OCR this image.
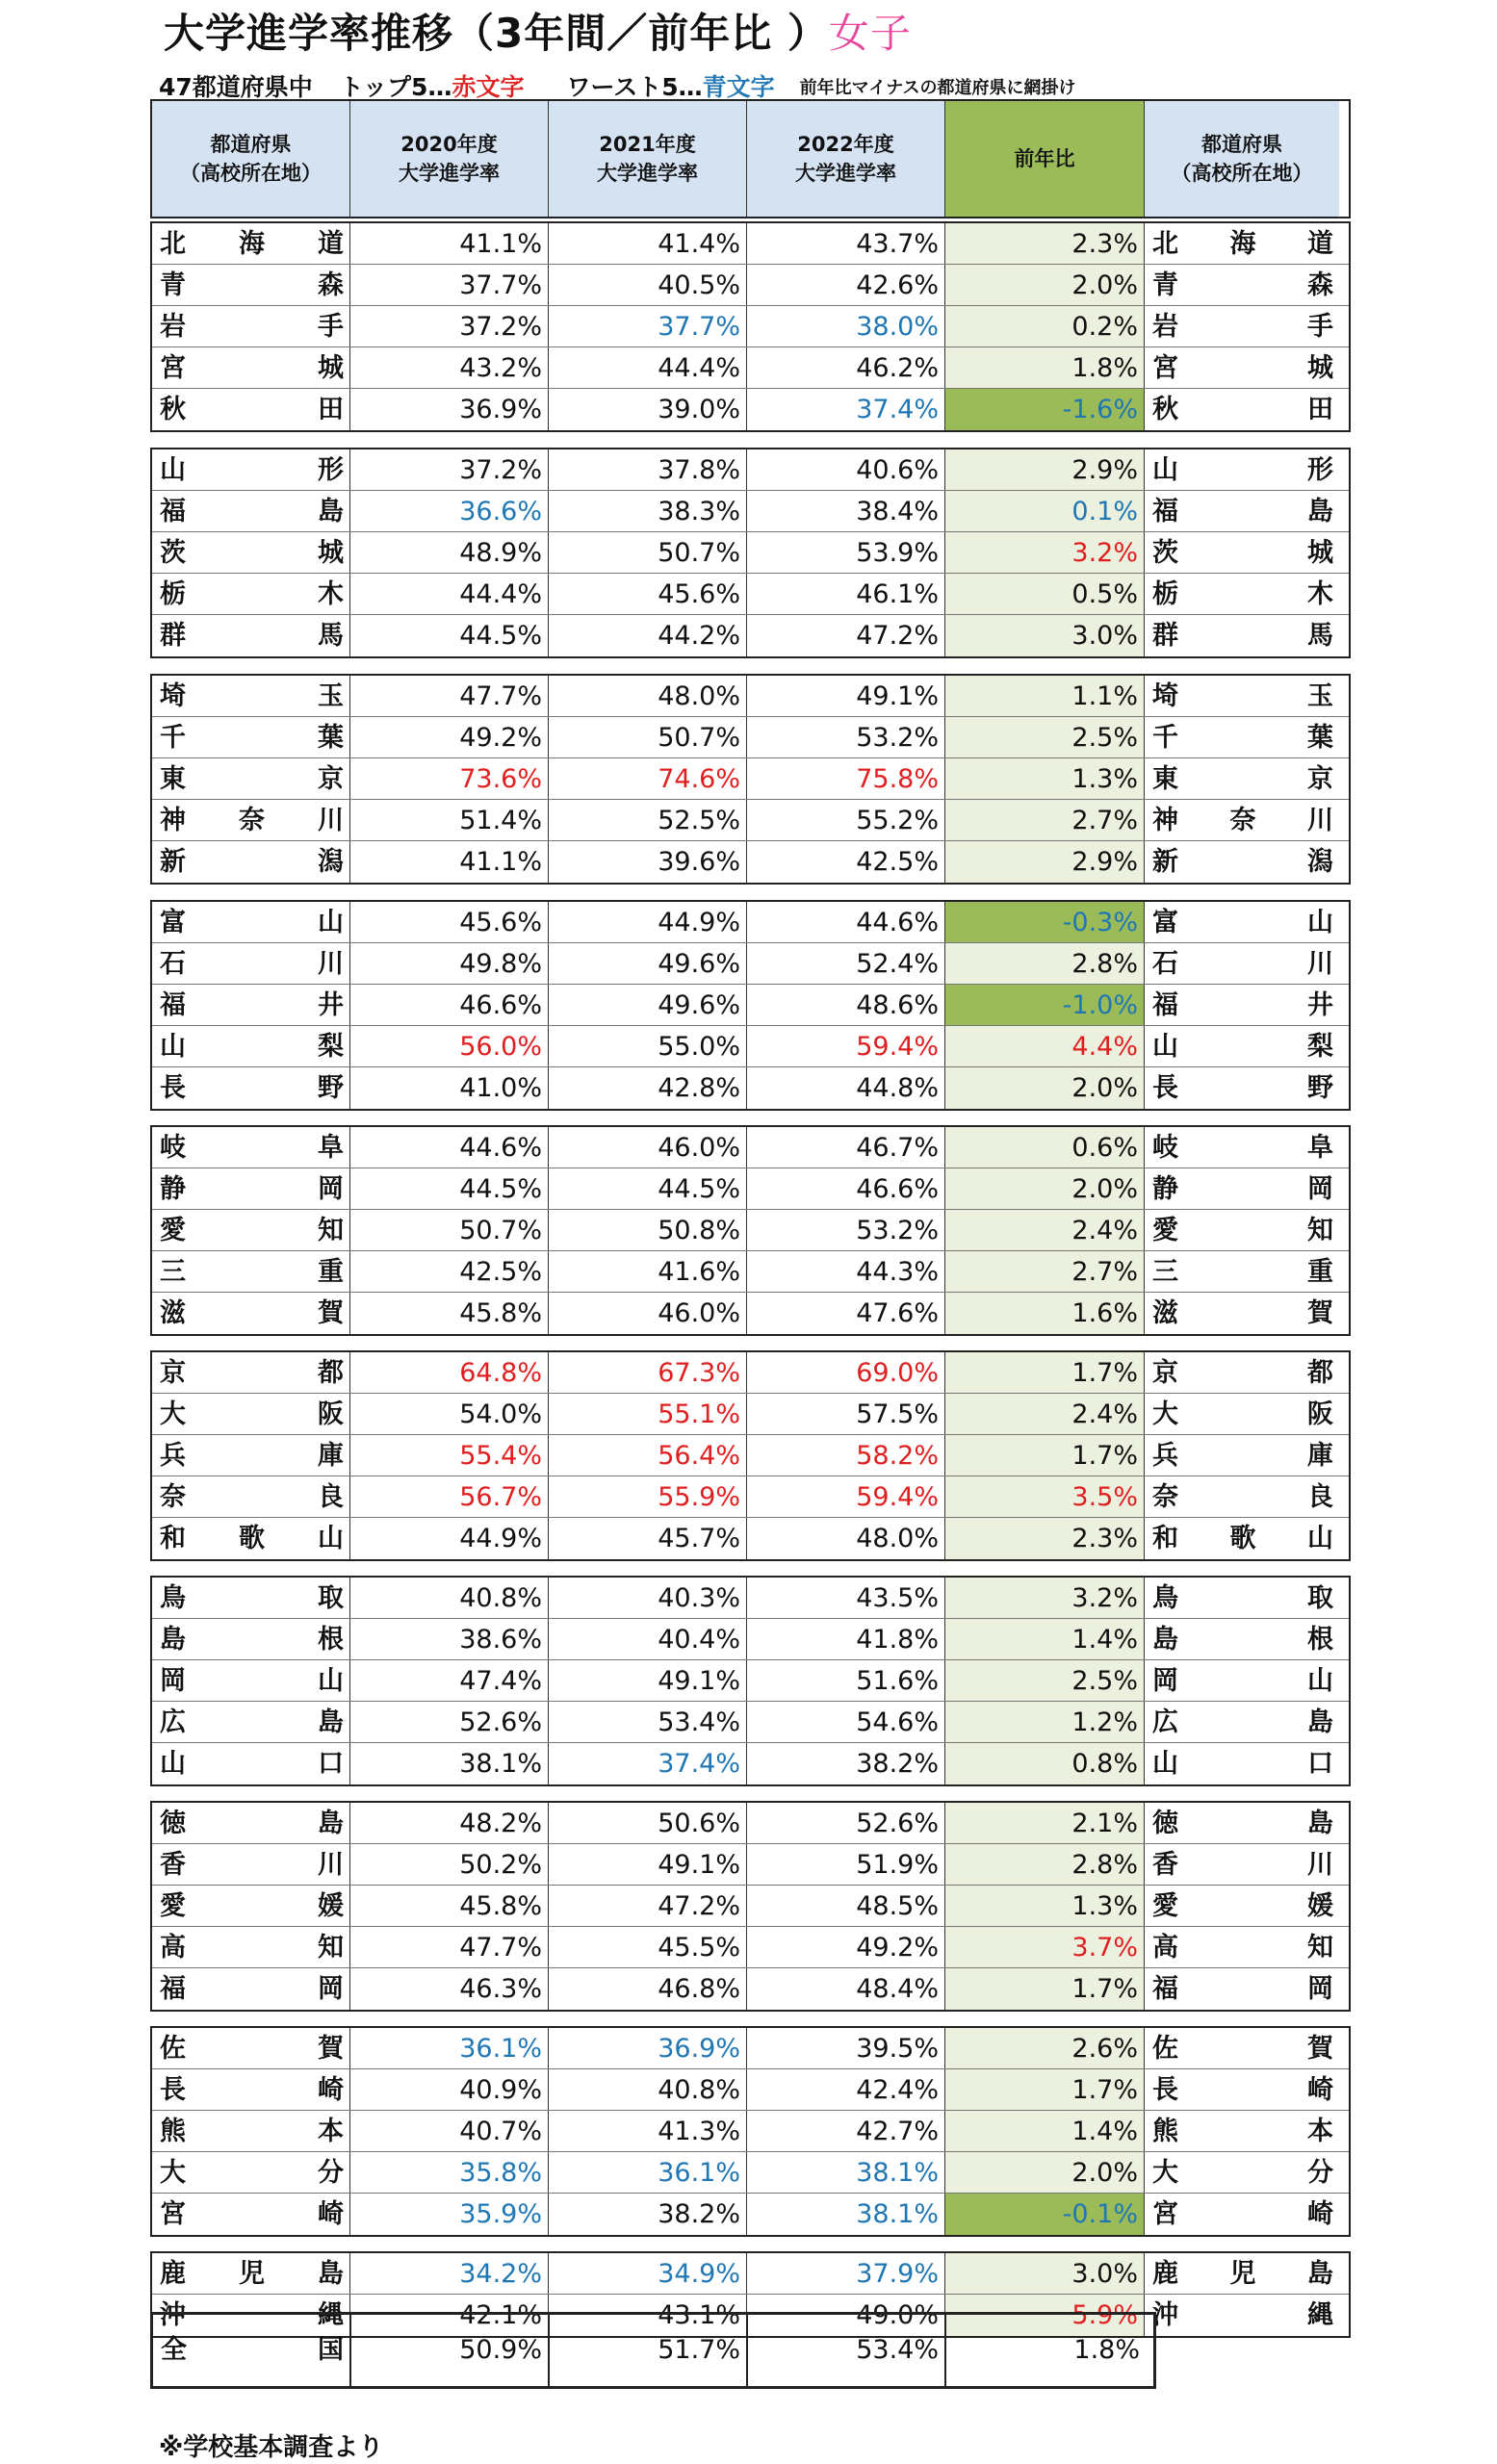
大学進学率推移（3年間／前年比 ）女子
47都道府県中 トップ5…赤文字 ワースト5…青文字 前年比マイナスの都道府県に網掛け
都道府県
（高校所在地）
2020年度
大学進学率
2021年度
大学進学率
2022年度
大学進学率
前年比
都道府県
（高校所在地）
北 海 道	41.1%	41.4%	43.7%	2.3% 北 海 道
青	森	37.7%	40.5%	42.6%	2.0% 青	森
岩	手	37.2%	37.7%	38.0%	0.2% 岩	手
宮	城	43.2%	44.4%	46.2%	1.8% 宮	城
秋	田	36.9%	39.0%	37.4%	-1.6% 秋	田
山	形	37.2%	37.8%	40.6%	2.9% 山	形
福	島	36.6%	38.3%	38.4%	0.1% 福	島
茨	城	48.9%	50.7%	53.9%	3.2% 茨	城
栃	木	44.4%	45.6%	46.1%	0.5% 栃	木
群	馬	44.5%	44.2%	47.2%	3.0% 群	馬
埼	玉	47.7%	48.0%	49.1%	1.1% 埼	玉
千	葉	49.2%	50.7%	53.2%	2.5% 千	葉
東	京	73.6%	74.6%	75.8%	1.3% 東	京
神 奈 川	51.4%	52.5%	55.2%	2.7% 神 奈 川
新	潟	41.1%	39.6%	42.5%	2.9% 新	潟
富	山	45.6%	44.9%	44.6%	-0.3% 富	山
石	川	49.8%	49.6%	52.4%	2.8% 石	川
福	井	46.6%	49.6%	48.6%	-1.0% 福	井
山	梨	56.0%	55.0%	59.4%	4.4% 山	梨
長	野	41.0%	42.8%	44.8%	2.0% 長	野
岐	阜	44.6%	46.0%	46.7%	0.6% 岐	阜
静	岡	44.5%	44.5%	46.6%	2.0% 静	岡
愛	知	50.7%	50.8%	53.2%	2.4% 愛	知
三	重	42.5%	41.6%	44.3%	2.7% 三	重
滋	賀	45.8%	46.0%	47.6%	1.6% 滋	賀
京	都	64.8%	67.3%	69.0%	1.7% 京	都
大	阪	54.0%	55.1%	57.5%	2.4% 大	阪
兵	庫	55.4%	56.4%	58.2%	1.7% 兵	庫
奈	良	56.7%	55.9%	59.4%	3.5% 奈	良
和 歌 山	44.9%	45.7%	48.0%	2.3% 和 歌 山
鳥	取	40.8%	40.3%	43.5%	3.2% 鳥	取
島	根	38.6%	40.4%	41.8%	1.4% 島	根
岡	山	47.4%	49.1%	51.6%	2.5% 岡	山
広	島	52.6%	53.4%	54.6%	1.2% 広	島
山	口	38.1%	37.4%	38.2%	0.8% 山	口
徳	島	48.2%	50.6%	52.6%	2.1% 徳	島
香	川	50.2%	49.1%	51.9%	2.8% 香	川
愛	媛	45.8%	47.2%	48.5%	1.3% 愛	媛
高	知	47.7%	45.5%	49.2%	3.7% 高	知
福	岡	46.3%	46.8%	48.4%	1.7% 福	岡
佐	賀	36.1%	36.9%	39.5%	2.6% 佐	賀
長	崎	40.9%	40.8%	42.4%	1.7% 長	崎
熊	本	40.7%	41.3%	42.7%	1.4% 熊	本
大	分	35.8%	36.1%	38.1%	2.0% 大	分
宮	崎	35.9%	38.2%	38.1%	-0.1% 宮	崎
鹿 児 島	34.2%	34.9%	37.9%	3.0% 鹿 児 島
沖	縄	42.1%	43.1%	49.0%	5.9% 沖	縄
全	国	50.9%	51.7%	53.4%	1.8%
※学校基本調査より
